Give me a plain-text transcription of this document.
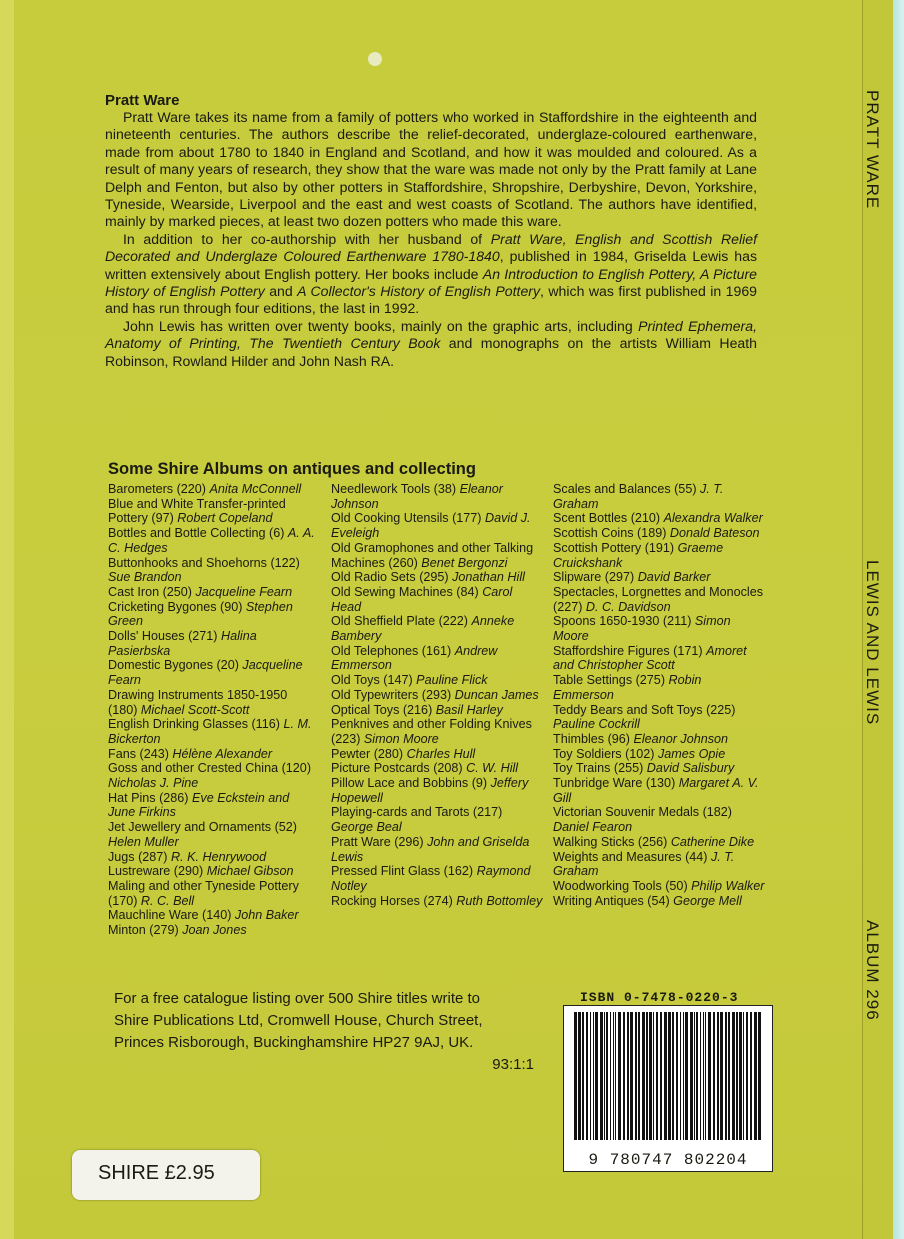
Pratt Ware

Pratt Ware takes its name from a family of potters who worked in Staffordshire in the eighteenth and nineteenth centuries. The authors describe the relief-decorated, underglaze-coloured earthenware, made from about 1780 to 1840 in England and Scotland, and how it was moulded and coloured. As a result of many years of research, they show that the ware was made not only by the Pratt family at Lane Delph and Fenton, but also by other potters in Staffordshire, Shropshire, Derbyshire, Devon, Yorkshire, Tyneside, Wearside, Liverpool and the east and west coasts of Scotland. The authors have identified, mainly by marked pieces, at least two dozen potters who made this ware.

In addition to her co-authorship with her husband of Pratt Ware, English and Scottish Relief Decorated and Underglaze Coloured Earthenware 1780-1840, published in 1984, Griselda Lewis has written extensively about English pottery. Her books include An Introduction to English Pottery, A Picture History of English Pottery and A Collector's History of English Pottery, which was first published in 1969 and has run through four editions, the last in 1992.

John Lewis has written over twenty books, mainly on the graphic arts, including Printed Ephemera, Anatomy of Printing, The Twentieth Century Book and monographs on the artists William Heath Robinson, Rowland Hilder and John Nash RA.

Some Shire Albums on antiques and collecting
Barometers (220) Anita McConnell
Blue and White Transfer-printed Pottery (97) Robert Copeland
Bottles and Bottle Collecting (6) A. A. C. Hedges
Buttonhooks and Shoehorns (122) Sue Brandon
Cast Iron (250) Jacqueline Fearn
Cricketing Bygones (90) Stephen Green
Dolls' Houses (271) Halina Pasierbska
Domestic Bygones (20) Jacqueline Fearn
Drawing Instruments 1850-1950 (180) Michael Scott-Scott
English Drinking Glasses (116) L. M. Bickerton
Fans (243) Hélène Alexander
Goss and other Crested China (120) Nicholas J. Pine
Hat Pins (286) Eve Eckstein and June Firkins
Jet Jewellery and Ornaments (52) Helen Muller
Jugs (287) R. K. Henrywood
Lustreware (290) Michael Gibson
Maling and other Tyneside Pottery (170) R. C. Bell
Mauchline Ware (140) John Baker
Minton (279) Joan Jones
Needlework Tools (38) Eleanor Johnson
Old Cooking Utensils (177) David J. Eveleigh
Old Gramophones and other Talking Machines (260) Benet Bergonzi
Old Radio Sets (295) Jonathan Hill
Old Sewing Machines (84) Carol Head
Old Sheffield Plate (222) Anneke Bambery
Old Telephones (161) Andrew Emmerson
Old Toys (147) Pauline Flick
Old Typewriters (293) Duncan James
Optical Toys (216) Basil Harley
Penknives and other Folding Knives (223) Simon Moore
Pewter (280) Charles Hull
Picture Postcards (208) C. W. Hill
Pillow Lace and Bobbins (9) Jeffery Hopewell
Playing-cards and Tarots (217) George Beal
Pratt Ware (296) John and Griselda Lewis
Pressed Flint Glass (162) Raymond Notley
Rocking Horses (274) Ruth Bottomley
Scales and Balances (55) J. T. Graham
Scent Bottles (210) Alexandra Walker
Scottish Coins (189) Donald Bateson
Scottish Pottery (191) Graeme Cruickshank
Slipware (297) David Barker
Spectacles, Lorgnettes and Monocles (227) D. C. Davidson
Spoons 1650-1930 (211) Simon Moore
Staffordshire Figures (171) Amoret and Christopher Scott
Table Settings (275) Robin Emmerson
Teddy Bears and Soft Toys (225) Pauline Cockrill
Thimbles (96) Eleanor Johnson
Toy Soldiers (102) James Opie
Toy Trains (255) David Salisbury
Tunbridge Ware (130) Margaret A. V. Gill
Victorian Souvenir Medals (182) Daniel Fearon
Walking Sticks (256) Catherine Dike
Weights and Measures (44) J. T. Graham
Woodworking Tools (50) Philip Walker
Writing Antiques (54) George Mell
For a free catalogue listing over 500 Shire titles write to
Shire Publications Ltd, Cromwell House, Church Street,
Princes Risborough, Buckinghamshire HP27 9AJ, UK.
93:1:1
ISBN 0-7478-0220-3
9 780747 802204
SHIRE £2.95
